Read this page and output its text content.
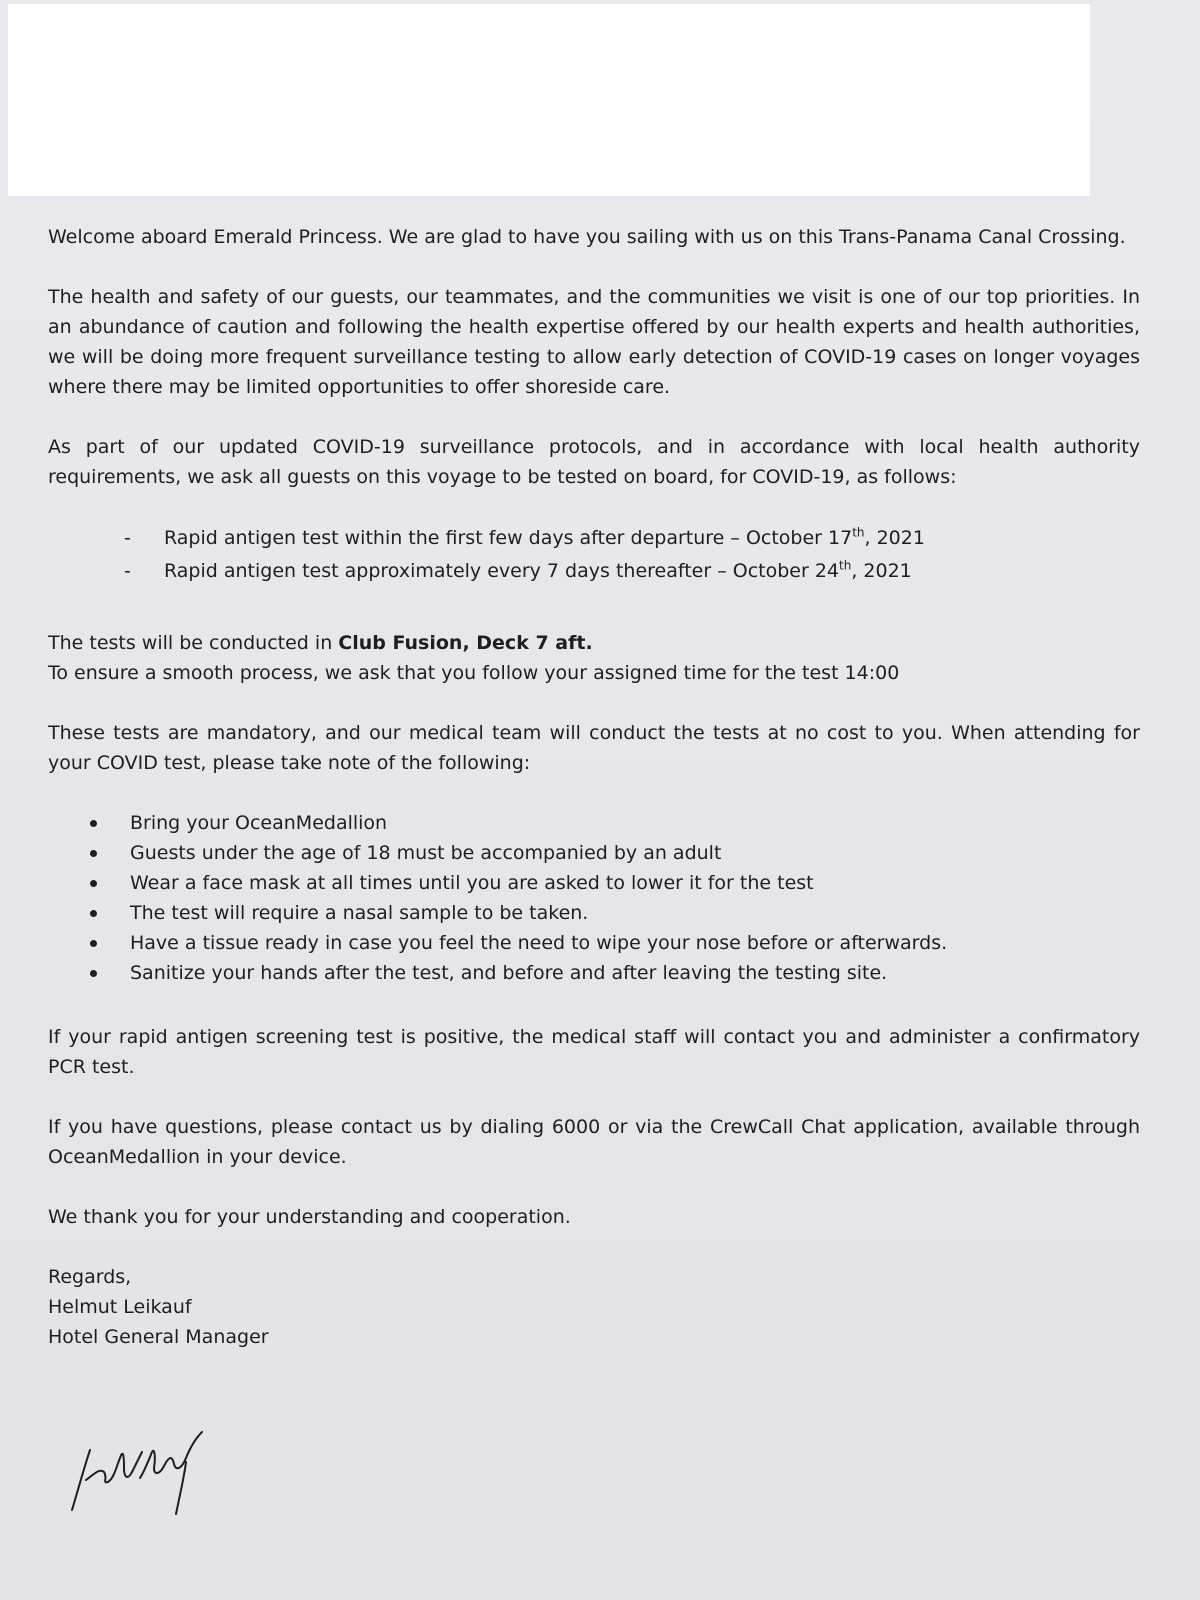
Welcome aboard Emerald Princess. We are glad to have you sailing with us on this Trans-Panama Canal Crossing.

The health and safety of our guests, our teammates, and the communities we visit is one of our top priorities. In an abundance of caution and following the health expertise offered by our health experts and health authorities, we will be doing more frequent surveillance testing to allow early detection of COVID-19 cases on longer voyages where there may be limited opportunities to offer shoreside care.

As part of our updated COVID-19 surveillance protocols, and in accordance with local health authority requirements, we ask all guests on this voyage to be tested on board, for COVID-19, as follows:

- Rapid antigen test within the first few days after departure – October 17th, 2021
- Rapid antigen test approximately every 7 days thereafter – October 24th, 2021

The tests will be conducted in Club Fusion, Deck 7 aft.

To ensure a smooth process, we ask that you follow your assigned time for the test 14:00

These tests are mandatory, and our medical team will conduct the tests at no cost to you. When attending for your COVID test, please take note of the following:

Bring your OceanMedallion
Guests under the age of 18 must be accompanied by an adult
Wear a face mask at all times until you are asked to lower it for the test
The test will require a nasal sample to be taken.
Have a tissue ready in case you feel the need to wipe your nose before or afterwards.
Sanitize your hands after the test, and before and after leaving the testing site.

If your rapid antigen screening test is positive, the medical staff will contact you and administer a confirmatory PCR test.

If you have questions, please contact us by dialing 6000 or via the CrewCall Chat application, available through OceanMedallion in your device.

We thank you for your understanding and cooperation.

Regards,
Helmut Leikauf
Hotel General Manager
